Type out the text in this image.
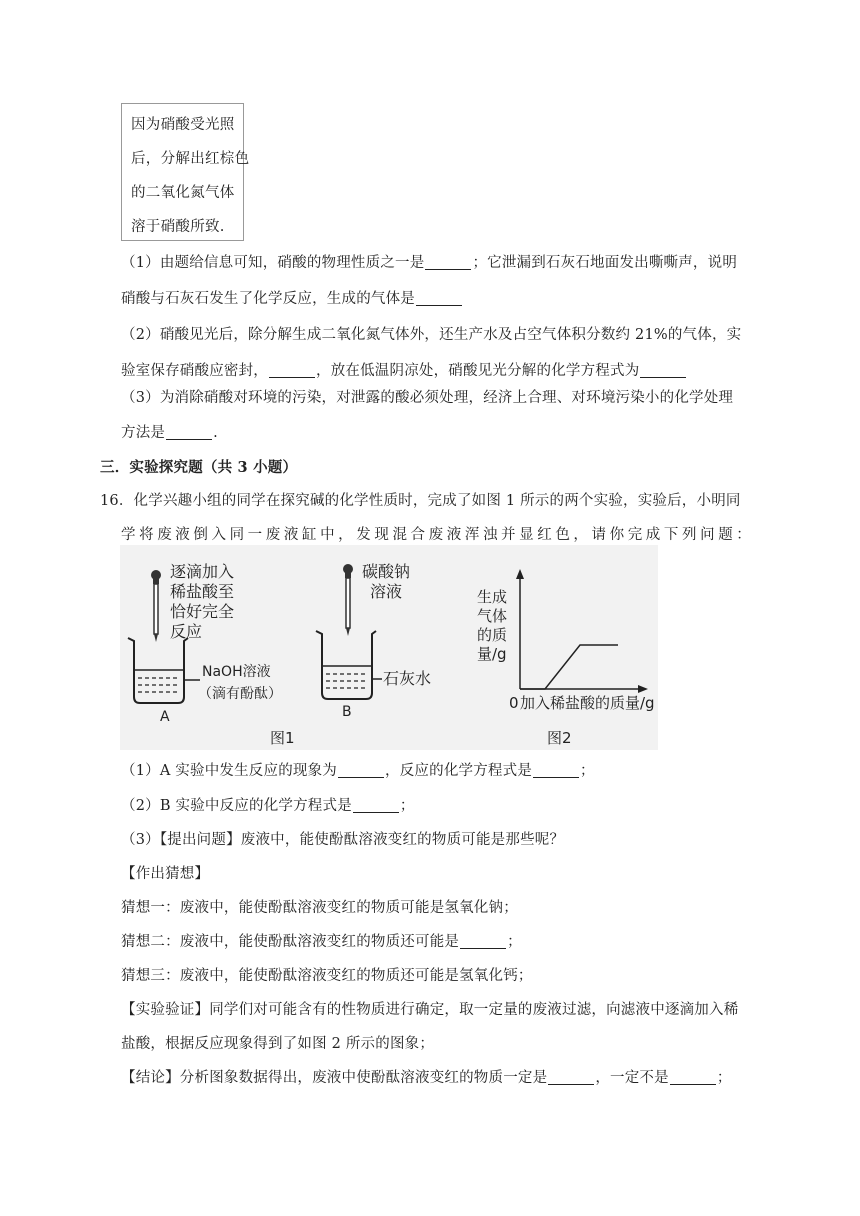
因为硝酸受光照
后，分解出红棕色
的二氧化氮气体
溶于硝酸所致.
（1）由题给信息可知，硝酸的物理性质之一是	；它泄漏到石灰石地面发出嘶嘶声，说明
硝酸与石灰石发生了化学反应，生成的气体是
（2）硝酸见光后，除分解生成二氧化氮气体外，还生产水及占空气体积分数约 21%的气体，实
验室保存硝酸应密封，	，放在低温阴凉处，硝酸见光分解的化学方程式为
（3）为消除硝酸对环境的污染，对泄露的酸必须处理，经济上合理、对环境污染小的化学处理
方法是	.
三．实验探究题（共 3 小题）
16．化学兴趣小组的同学在探究碱的化学性质时，完成了如图 1 所示的两个实验，实验后，小明同
学将废液倒入同一废液缸中，发现混合废液浑浊并显红色，请你完成下列问题：
逐滴加入
稀盐酸至
恰好完全
反应
NaOH溶液
（滴有酚酞）
A
碳酸钠
溶液
石灰水
B
图1
生成
气体
的质
量/g
0 加入稀盐酸的质量/g
图2
（1）A 实验中发生反应的现象为	，反应的化学方程式是	；
（2）B 实验中反应的化学方程式是	；
（3）【提出问题】废液中，能使酚酞溶液变红的物质可能是那些呢？
【作出猜想】
猜想一：废液中，能使酚酞溶液变红的物质可能是氢氧化钠；
猜想二：废液中，能使酚酞溶液变红的物质还可能是	；
猜想三：废液中，能使酚酞溶液变红的物质还可能是氢氧化钙；
【实验验证】同学们对可能含有的性物质进行确定，取一定量的废液过滤，向滤液中逐滴加入稀
盐酸，根据反应现象得到了如图 2 所示的图象；
【结论】分析图象数据得出，废液中使酚酞溶液变红的物质一定是	，一定不是	；
